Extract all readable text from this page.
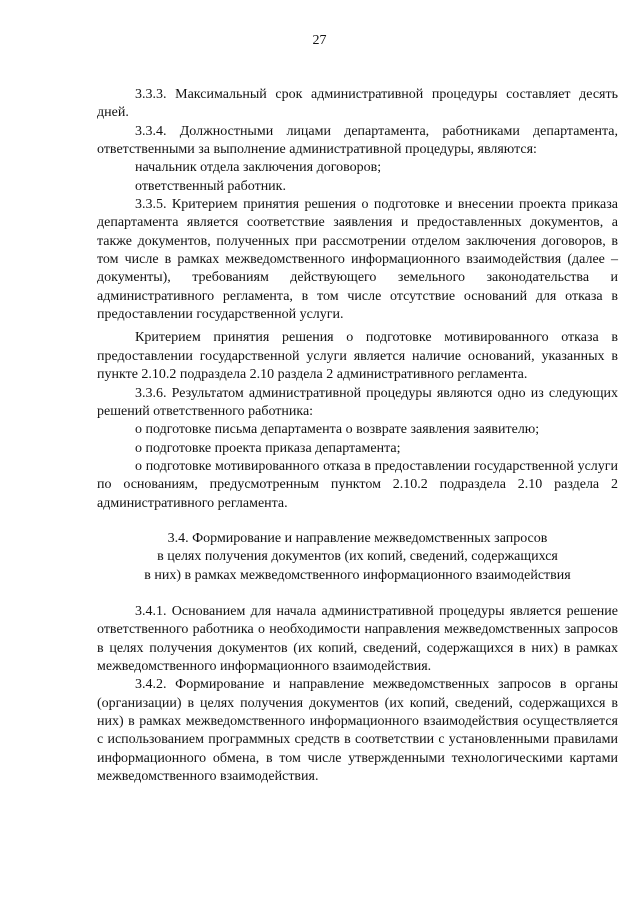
27

3.3.3. Максимальный срок административной процедуры составляет десять дней.

3.3.4. Должностными лицами департамента, работниками департамента, ответственными за выполнение административной процедуры, являются:

начальник отдела заключения договоров;

ответственный работник.

3.3.5. Критерием принятия решения о подготовке и внесении проекта приказа департамента является соответствие заявления и предоставленных документов, а также документов, полученных при рассмотрении отделом заключения договоров, в том числе в рамках межведомственного информационного взаимодействия (далее – документы), требованиям действующего земельного законодательства и административного регламента, в том числе отсутствие оснований для отказа в предоставлении государственной услуги.

Критерием принятия решения о подготовке мотивированного отказа в предоставлении государственной услуги является наличие оснований, указанных в пункте 2.10.2 подраздела 2.10 раздела 2 административного регламента.

3.3.6. Результатом административной процедуры являются одно из следующих решений ответственного работника:

о подготовке письма департамента о возврате заявления заявителю;

о подготовке проекта приказа департамента;

о подготовке мотивированного отказа в предоставлении государственной услуги по основаниям, предусмотренным пунктом 2.10.2 подраздела 2.10 раздела 2 административного регламента.

3.4. Формирование и направление межведомственных запросов
в целях получения документов (их копий, сведений, содержащихся
в них) в рамках межведомственного информационного взаимодействия

3.4.1. Основанием для начала административной процедуры является решение ответственного работника о необходимости направления межведомственных запросов в целях получения документов (их копий, сведений, содержащихся в них) в рамках межведомственного информационного взаимодействия.

3.4.2. Формирование и направление межведомственных запросов в органы (организации) в целях получения документов (их копий, сведений, содержащихся в них) в рамках межведомственного информационного взаимодействия осуществляется с использованием программных средств в соответствии с установленными правилами информационного обмена, в том числе утвержденными технологическими картами межведомственного взаимодействия.
